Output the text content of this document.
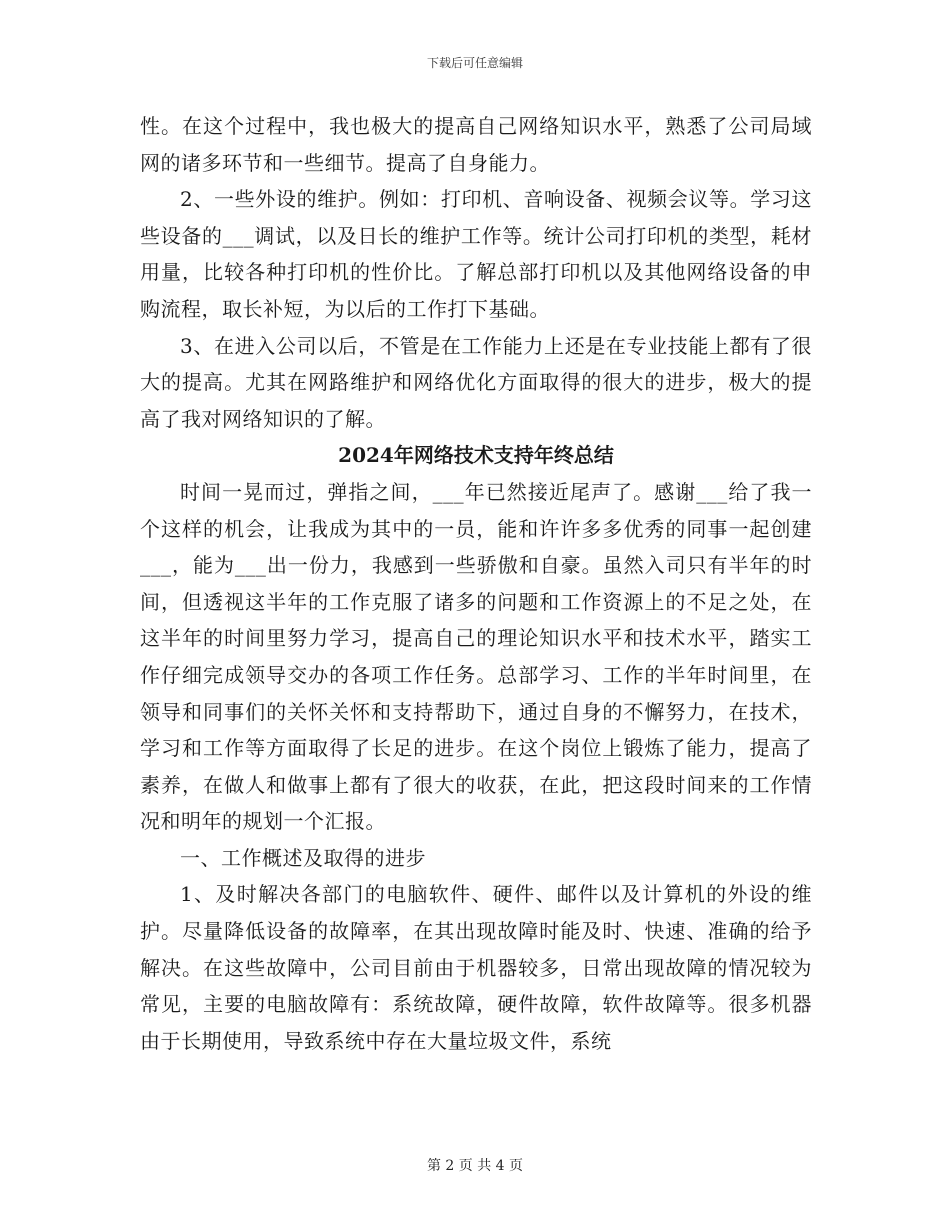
下载后可任意编辑

性。在这个过程中，我也极大的提高自己网络知识水平，熟悉了公司局域网的诸多环节和一些细节。提高了自身能力。

2、一些外设的维护。例如：打印机、音响设备、视频会议等。学习这些设备的___调试，以及日长的维护工作等。统计公司打印机的类型，耗材用量，比较各种打印机的性价比。了解总部打印机以及其他网络设备的申购流程，取长补短，为以后的工作打下基础。

3、在进入公司以后，不管是在工作能力上还是在专业技能上都有了很大的提高。尤其在网路维护和网络优化方面取得的很大的进步，极大的提高了我对网络知识的了解。

2024年网络技术支持年终总结

时间一晃而过，弹指之间，___年已然接近尾声了。感谢___给了我一个这样的机会，让我成为其中的一员，能和许许多多优秀的同事一起创建___，能为___出一份力，我感到一些骄傲和自豪。虽然入司只有半年的时间，但透视这半年的工作克服了诸多的问题和工作资源上的不足之处，在这半年的时间里努力学习，提高自己的理论知识水平和技术水平，踏实工作仔细完成领导交办的各项工作任务。总部学习、工作的半年时间里，在领导和同事们的关怀关怀和支持帮助下，通过自身的不懈努力，在技术，学习和工作等方面取得了长足的进步。在这个岗位上锻炼了能力，提高了素养，在做人和做事上都有了很大的收获，在此，把这段时间来的工作情况和明年的规划一个汇报。

一、工作概述及取得的进步

1、及时解决各部门的电脑软件、硬件、邮件以及计算机的外设的维护。尽量降低设备的故障率，在其出现故障时能及时、快速、准确的给予解决。在这些故障中，公司目前由于机器较多，日常出现故障的情况较为常见，主要的电脑故障有：系统故障，硬件故障，软件故障等。很多机器由于长期使用，导致系统中存在大量垃圾文件，系统

第 2 页 共 4 页
